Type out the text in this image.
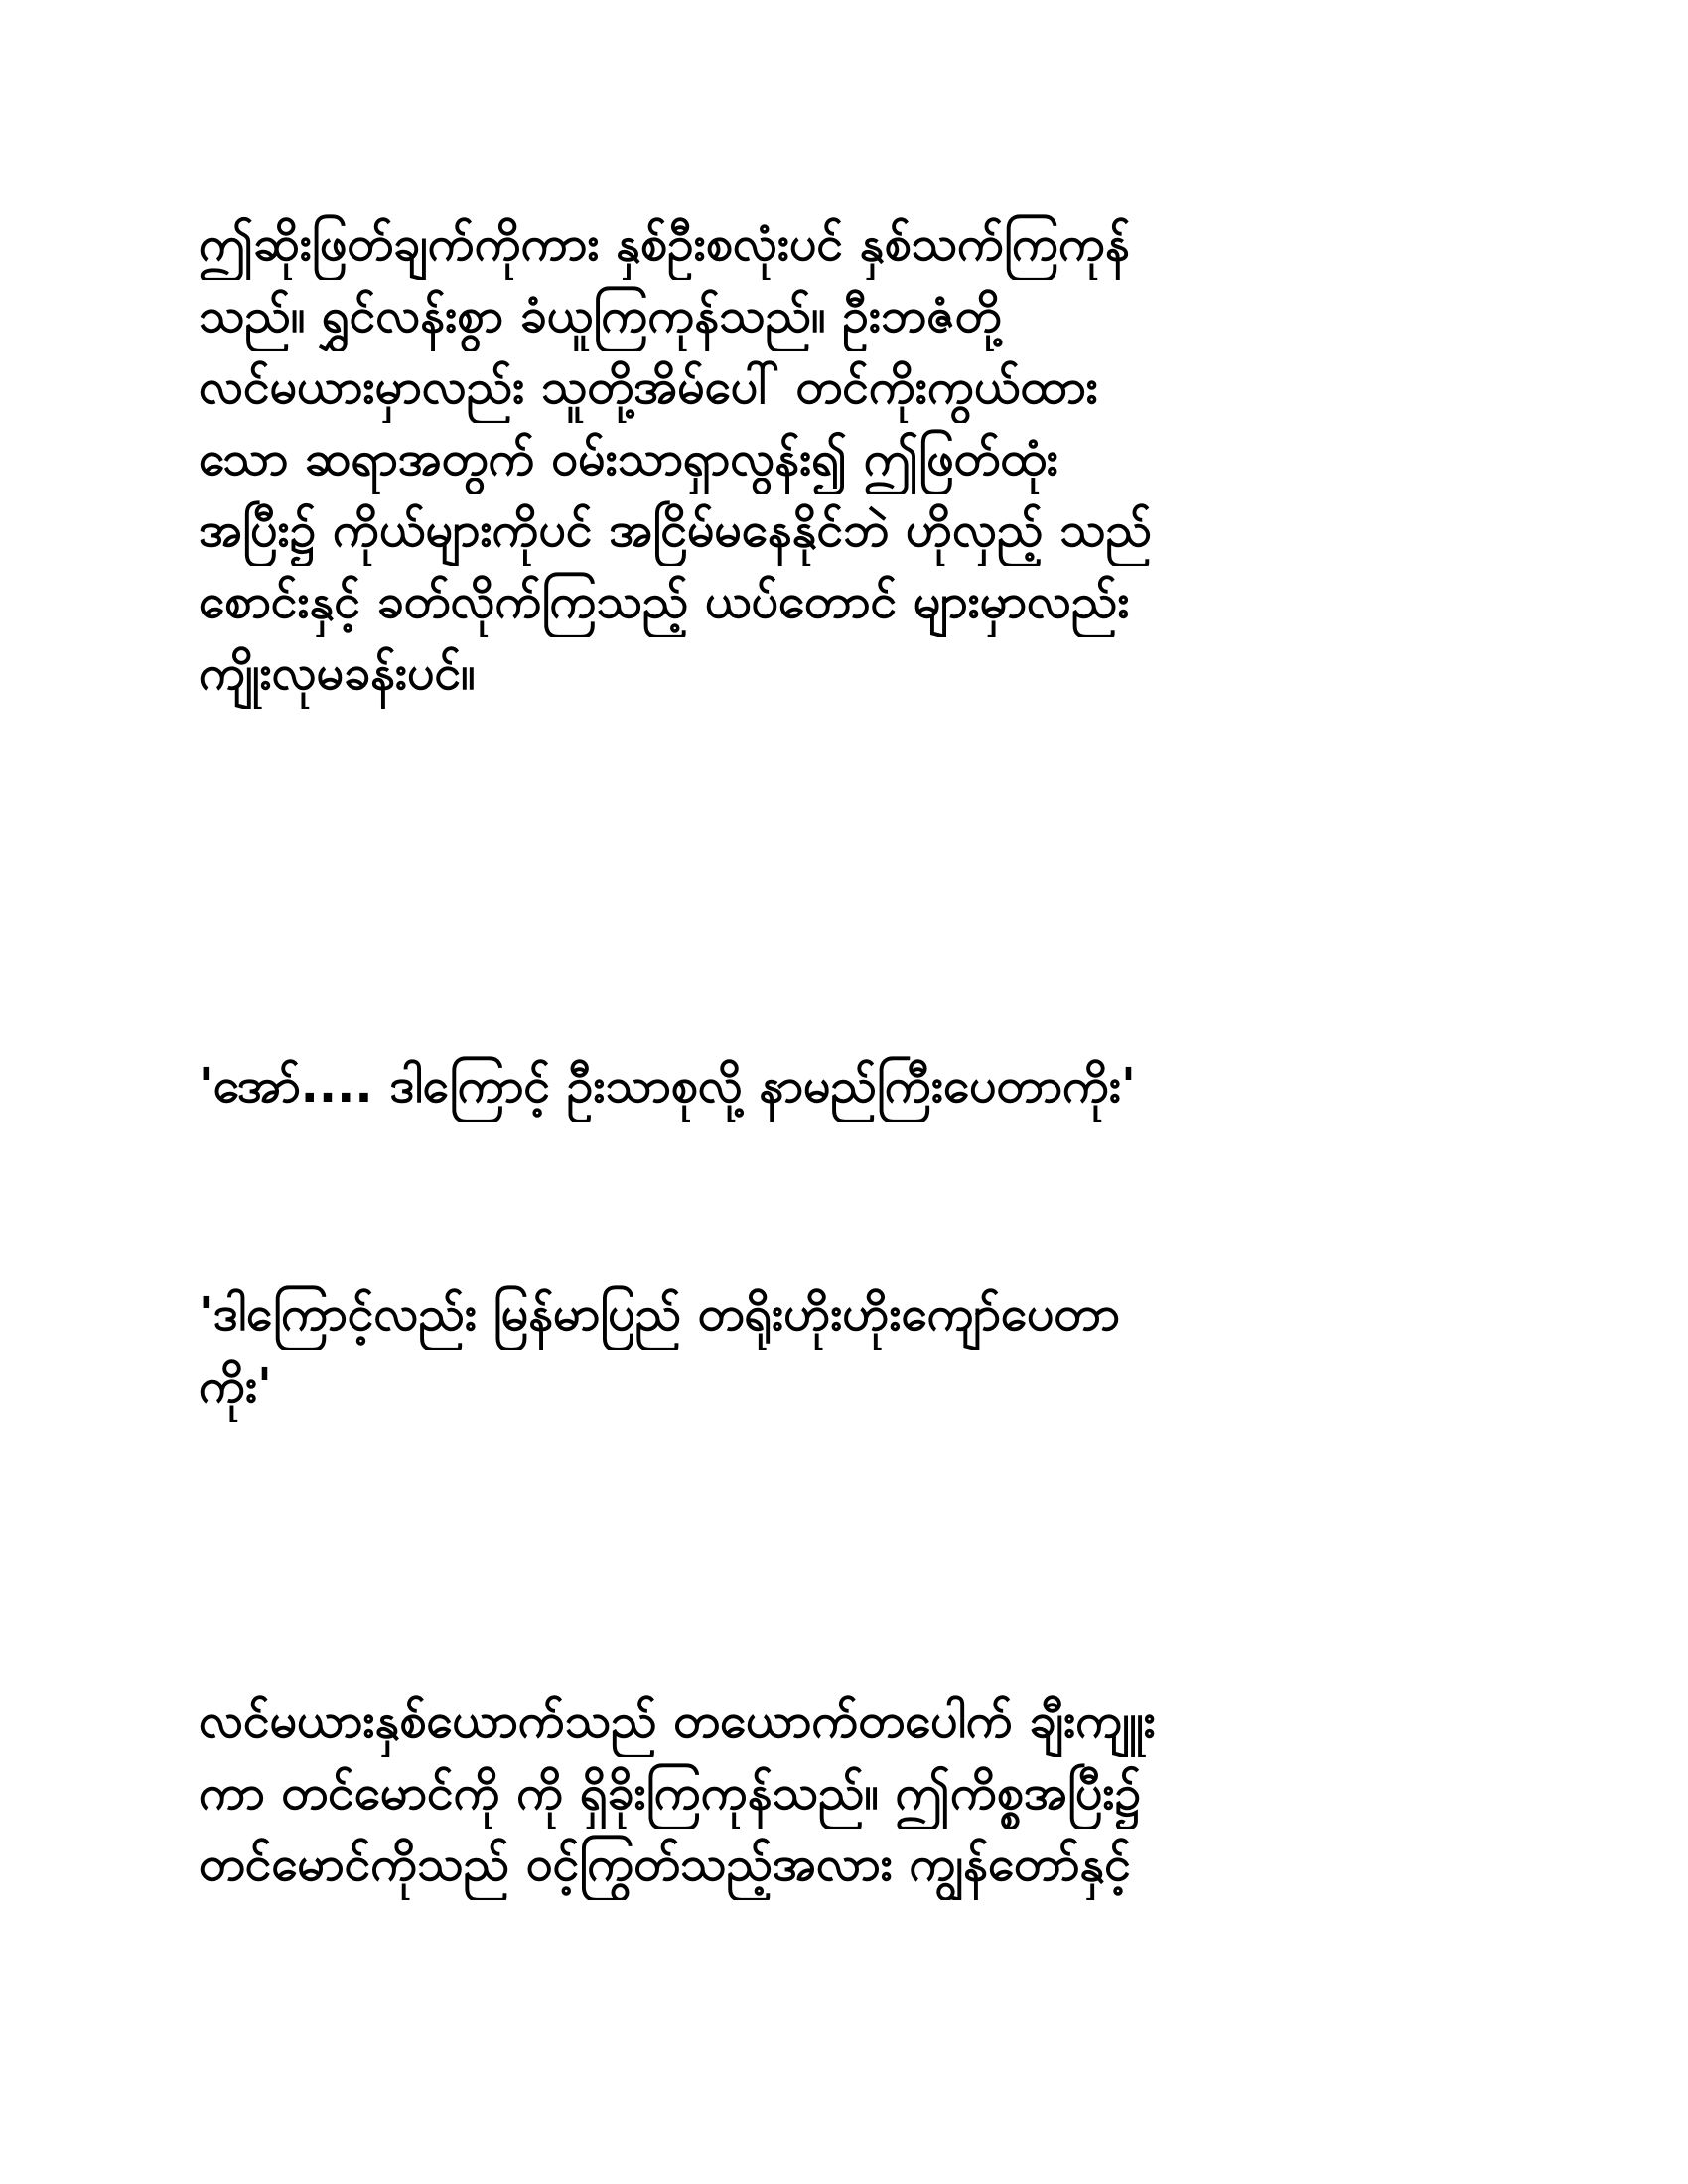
ဤဆိုးဖြတ်ချက်ကိုကား နှစ်ဦးစလုံးပင် နှစ်သက်ကြကုန်
သည်။ ရွှင်လန်းစွာ ခံယူကြကုန်သည်။ ဦးဘဇံတို့
လင်မယားမှာလည်း သူတို့အိမ်ပေါ် တင်ကိုးကွယ်ထား
သော ဆရာအတွက် ဝမ်းသာရှာလွန်း၍ ဤဖြတ်ထုံး
အပြီး၌ ကိုယ်များကိုပင် အငြိမ်မနေနိုင်ဘဲ ဟိုလှည့် သည်
စောင်းနှင့် ခတ်လိုက်ကြသည့် ယပ်တောင် များမှာလည်း
ကျိုးလုမခန်းပင်။
'အော်.... ဒါကြောင့် ဦးသာစုလို့ နာမည်ကြီးပေတာကိုး'
'ဒါကြောင့်လည်း မြန်မာပြည် တရိုးဟိုးဟိုးကျော်ပေတာ
ကိုး'
လင်မယားနှစ်ယောက်သည် တယောက်တပေါက် ချီးကျူး
ကာ တင်မောင်ကို ကို ရှိခိုးကြကုန်သည်။ ဤကိစ္စအပြီး၌
တင်မောင်ကိုသည် ဝင့်ကြွတ်သည့်အလား ကျွန်တော်နှင့်
